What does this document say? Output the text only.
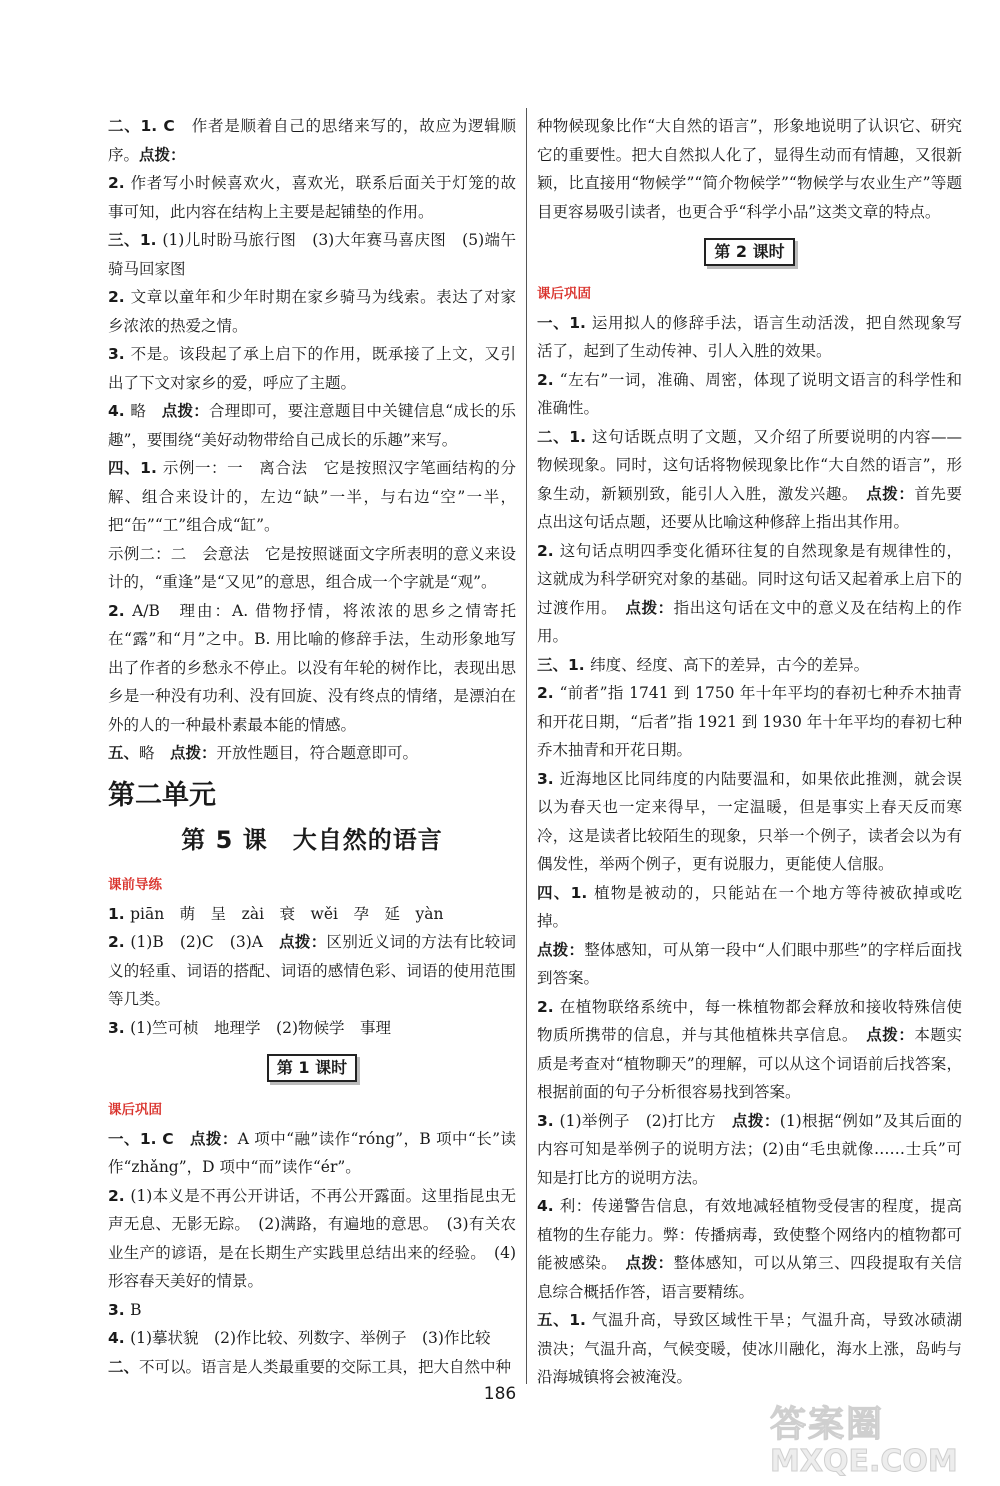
二、1. C　作者是顺着自己的思绪来写的，故应为逻辑顺序。点拨：

2. 作者写小时候喜欢火，喜欢光，联系后面关于灯笼的故事可知，此内容在结构上主要是起铺垫的作用。

三、1. (1)儿时盼马旅行图　(3)大年赛马喜庆图　(5)端午骑马回家图

2. 文章以童年和少年时期在家乡骑马为线索。表达了对家乡浓浓的热爱之情。

3. 不是。该段起了承上启下的作用，既承接了上文，又引出了下文对家乡的爱，呼应了主题。

4. 略　点拨：合理即可，要注意题目中关键信息“成长的乐趣”，要围绕“美好动物带给自己成长的乐趣”来写。

四、1. 示例一：一　离合法　它是按照汉字笔画结构的分解、组合来设计的，左边“缺”一半，与右边“空”一半，把“缶”“工”组合成“缸”。

示例二：二　会意法　它是按照谜面文字所表明的意义来设计的，“重逢”是“又见”的意思，组合成一个字就是“观”。

2. A/B　理由：A. 借物抒情，将浓浓的思乡之情寄托在“露”和“月”之中。B. 用比喻的修辞手法，生动形象地写出了作者的乡愁永不停止。以没有年轮的树作比，表现出思乡是一种没有功利、没有回旋、没有终点的情绪，是漂泊在外的人的一种最朴素最本能的情感。

五、略　点拨：开放性题目，符合题意即可。

第二单元
第 5 课　大自然的语言
课前导练

1. piān　萌　呈　zài　衰　wěi　孕　延　yàn

2. (1)B　(2)C　(3)A　点拨：区别近义词的方法有比较词义的轻重、词语的搭配、词语的感情色彩、词语的使用范围等几类。

3. (1)竺可桢　地理学　(2)物候学　事理

第 1 课时
课后巩固

一、1. C　点拨：A 项中“融”读作“róng”，B 项中“长”读作“zhǎng”，D 项中“而”读作“ér”。

2. (1)本义是不再公开讲话，不再公开露面。这里指昆虫无声无息、无影无踪。　(2)满路，有遍地的意思。　(3)有关农业生产的谚语，是在长期生产实践里总结出来的经验。　(4)形容春天美好的情景。

3. B

4. (1)摹状貌　(2)作比较、列数字、举例子　(3)作比较

二、不可以。语言是人类最重要的交际工具，把大自然中种

种物候现象比作“大自然的语言”，形象地说明了认识它、研究它的重要性。把大自然拟人化了，显得生动而有情趣，又很新颖，比直接用“物候学”“简介物候学”“物候学与农业生产”等题目更容易吸引读者，也更合乎“科学小品”这类文章的特点。

第 2 课时
课后巩固

一、1. 运用拟人的修辞手法，语言生动活泼，把自然现象写活了，起到了生动传神、引人入胜的效果。

2. “左右”一词，准确、周密，体现了说明文语言的科学性和准确性。

二、1. 这句话既点明了文题，又介绍了所要说明的内容——物候现象。同时，这句话将物候现象比作“大自然的语言”，形象生动，新颖别致，能引人入胜，激发兴趣。　点拨：首先要点出这句话点题，还要从比喻这种修辞上指出其作用。

2. 这句话点明四季变化循环往复的自然现象是有规律性的，这就成为科学研究对象的基础。同时这句话又起着承上启下的过渡作用。　点拨：指出这句话在文中的意义及在结构上的作用。

三、1. 纬度、经度、高下的差异，古今的差异。

2. “前者”指 1741 到 1750 年十年平均的春初七种乔木抽青和开花日期，“后者”指 1921 到 1930 年十年平均的春初七种乔木抽青和开花日期。

3. 近海地区比同纬度的内陆要温和，如果依此推测，就会误以为春天也一定来得早，一定温暖，但是事实上春天反而寒冷，这是读者比较陌生的现象，只举一个例子，读者会以为有偶发性，举两个例子，更有说服力，更能使人信服。

四、1. 植物是被动的，只能站在一个地方等待被砍掉或吃掉。

点拨：整体感知，可从第一段中“人们眼中那些”的字样后面找到答案。

2. 在植物联络系统中，每一株植物都会释放和接收特殊信使物质所携带的信息，并与其他植株共享信息。　点拨：本题实质是考查对“植物聊天”的理解，可以从这个词语前后找答案，根据前面的句子分析很容易找到答案。

3. (1)举例子　(2)打比方　点拨：(1)根据“例如”及其后面的内容可知是举例子的说明方法；(2)由“毛虫就像……士兵”可知是打比方的说明方法。

4. 利：传递警告信息，有效地减轻植物受侵害的程度，提高植物的生存能力。弊：传播病毒，致使整个网络内的植物都可能被感染。　点拨：整体感知，可以从第三、四段提取有关信息综合概括作答，语言要精练。

五、1. 气温升高，导致区域性干旱；气温升高，导致冰碛湖溃决；气温升高，气候变暖，使冰川融化，海水上涨，岛屿与沿海城镇将会被淹没。

186
答案圈
MXQE.COM
